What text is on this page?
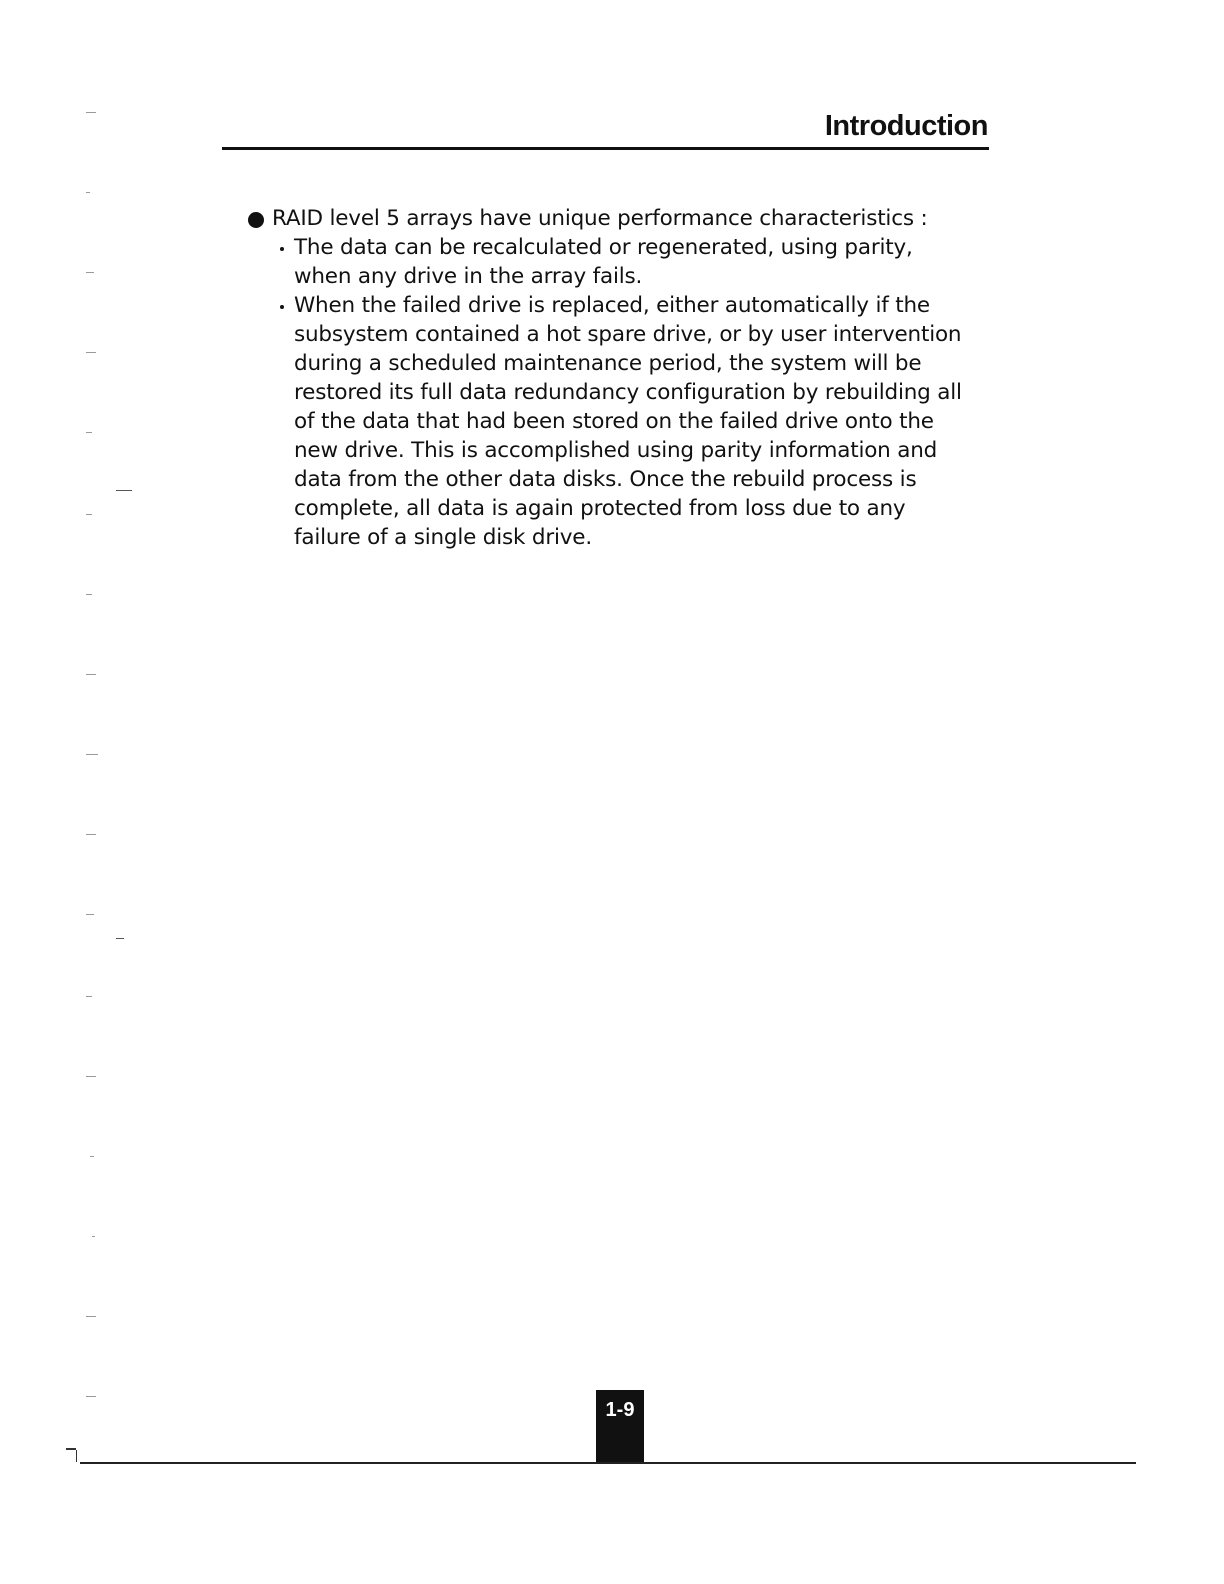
Introduction
RAID level 5 arrays have unique performance characteristics :
The data can be recalculated or regenerated, using parity, when any drive in the array fails.
When the failed drive is replaced, either automatically if the subsystem contained a hot spare drive, or by user intervention during a scheduled maintenance period, the system will be restored its full data redundancy configuration by rebuilding all of the data that had been stored on the failed drive onto the new drive. This is accomplished using parity information and data from the other data disks. Once the rebuild process is complete, all data is again protected from loss due to any failure of a single disk drive.
1-9
